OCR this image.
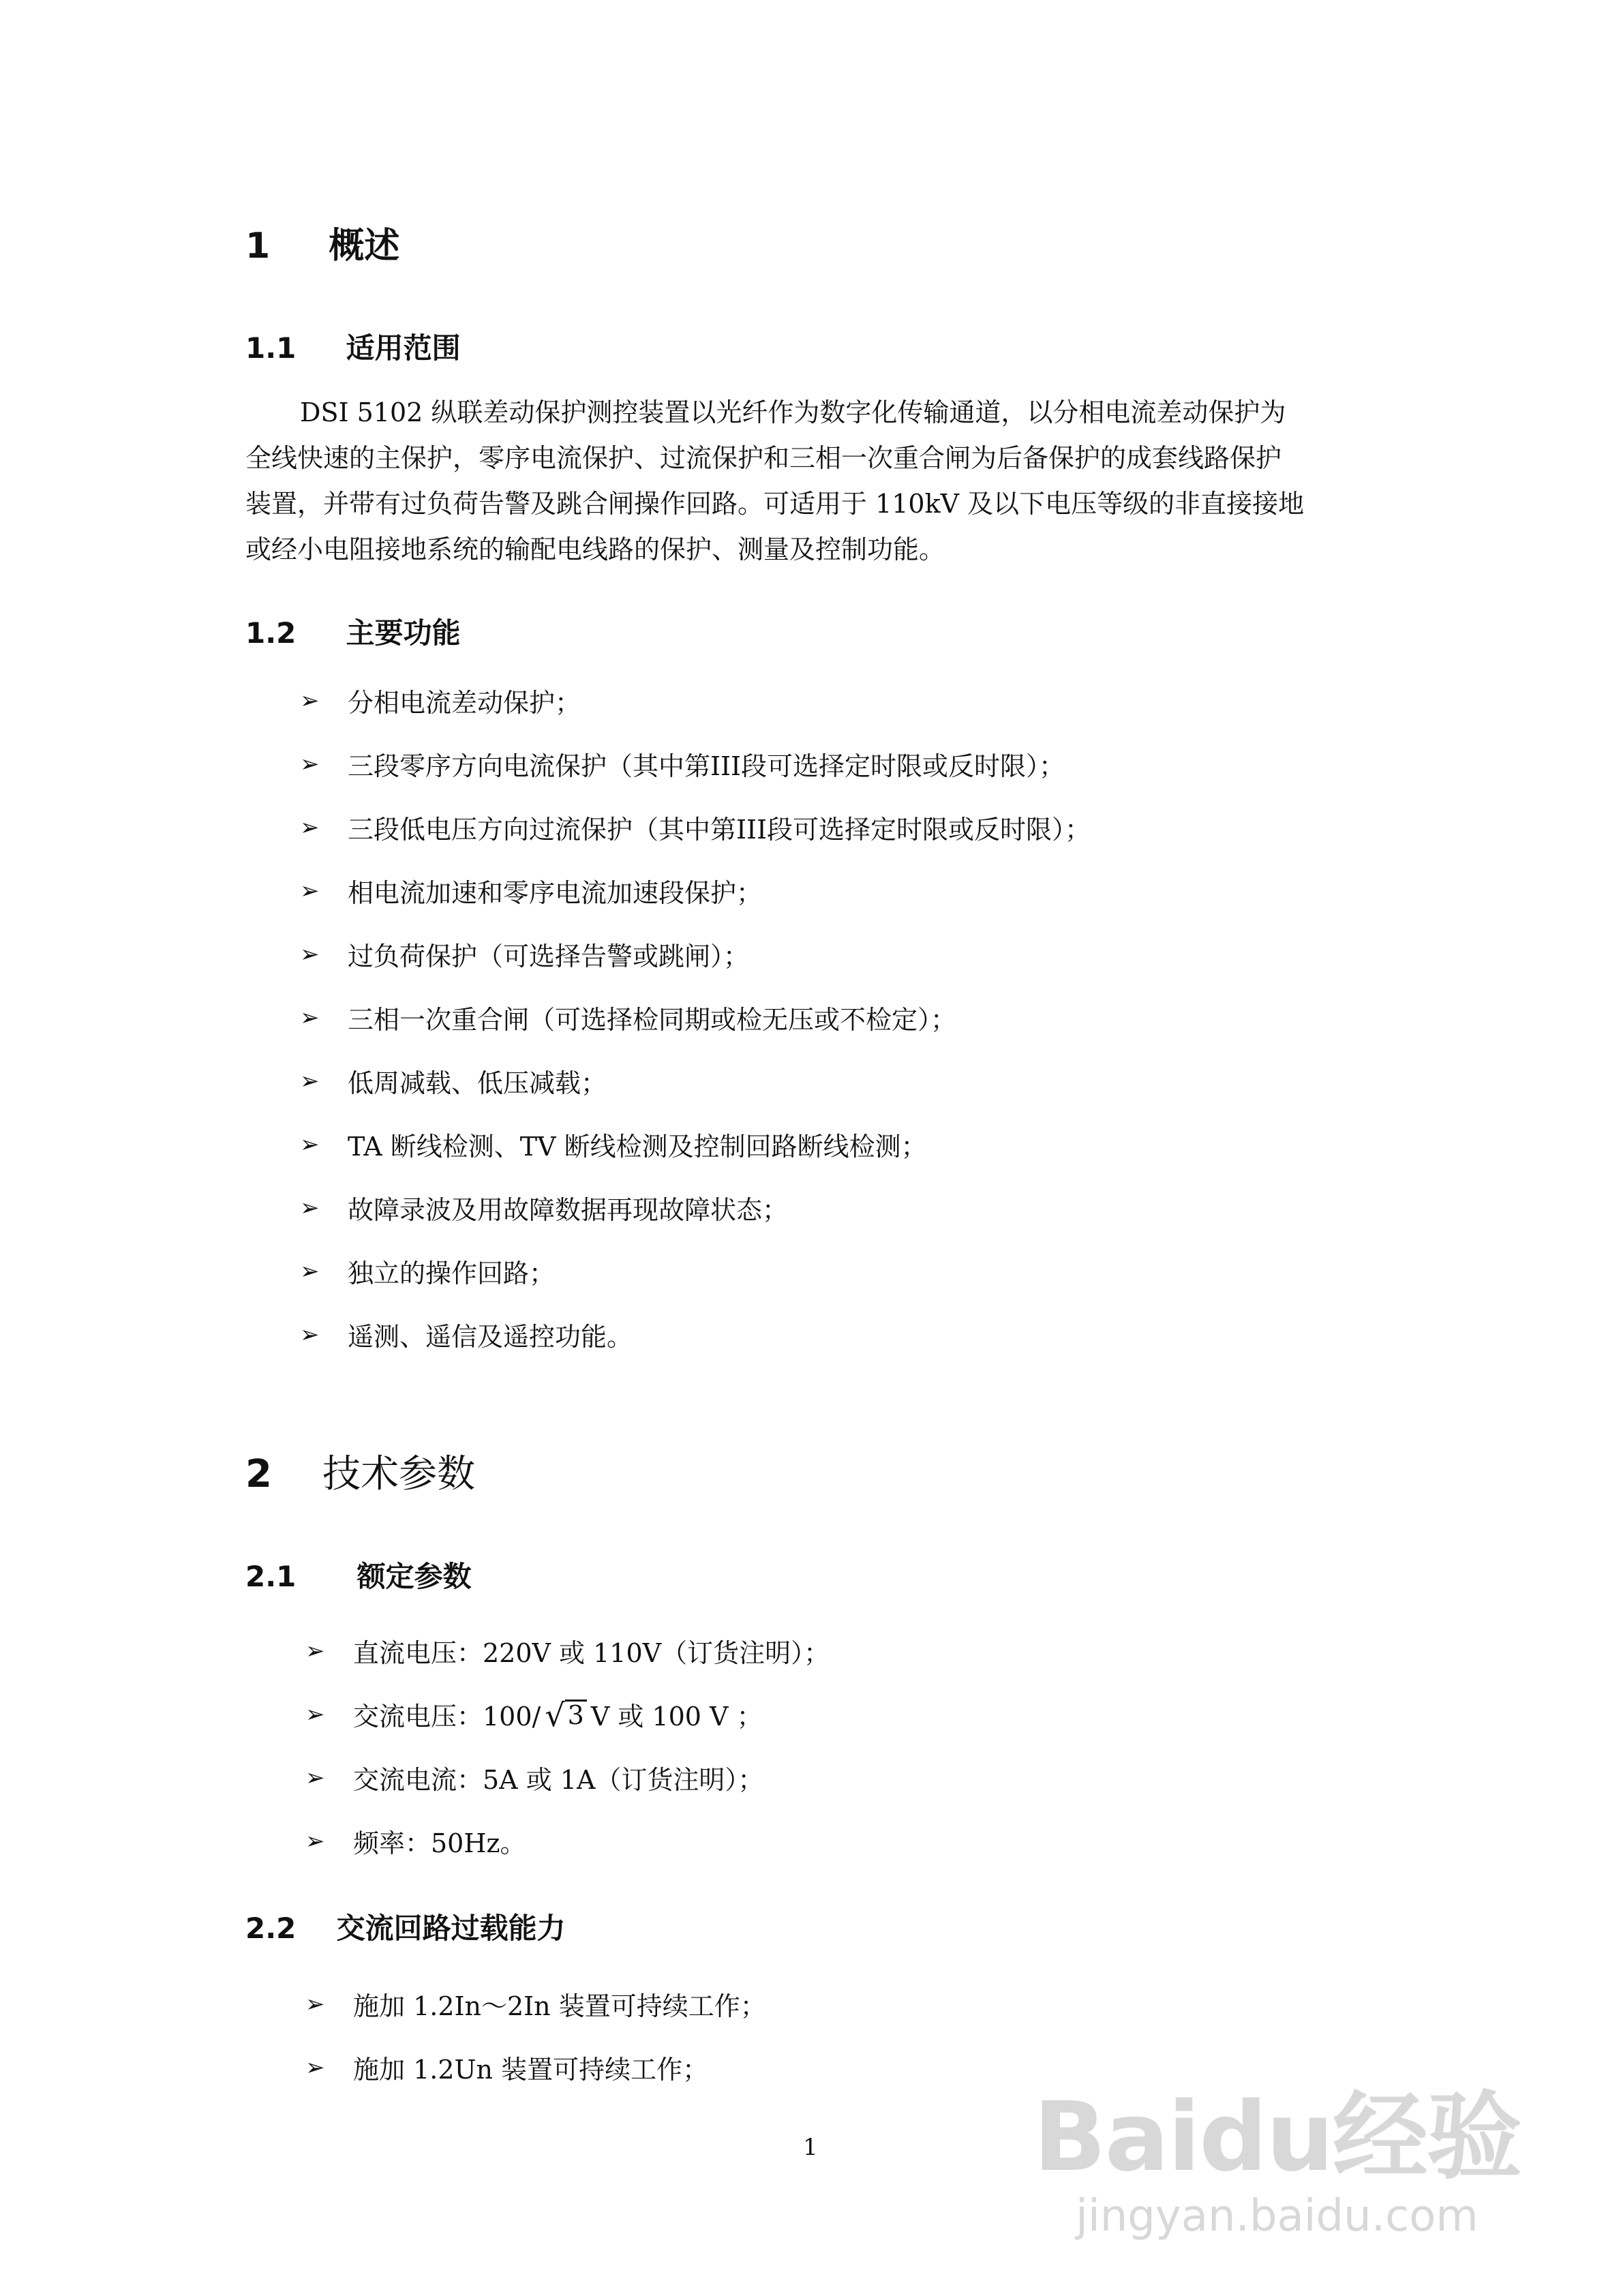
1 概述
1.1 适用范围
DSI 5102 纵联差动保护测控装置以光纤作为数字化传输通道，以分相电流差动保护为
全线快速的主保护，零序电流保护、过流保护和三相一次重合闸为后备保护的成套线路保护
装置，并带有过负荷告警及跳合闸操作回路。可适用于 110kV 及以下电压等级的非直接接地
或经小电阻接地系统的输配电线路的保护、测量及控制功能。
1.2 主要功能
➢	分相电流差动保护；
➢	三段零序方向电流保护（其中第III段可选择定时限或反时限）；
➢	三段低电压方向过流保护（其中第III段可选择定时限或反时限）；
➢	相电流加速和零序电流加速段保护；
➢	过负荷保护（可选择告警或跳闸）；
➢	三相一次重合闸（可选择检同期或检无压或不检定）；
➢	低周减载、低压减载；
➢	TA 断线检测、TV 断线检测及控制回路断线检测；
➢	故障录波及用故障数据再现故障状态；
➢	独立的操作回路；
➢	遥测、遥信及遥控功能。
2 技术参数
2.1 额定参数
➢	直流电压：220V 或 110V（订货注明）；
➢	交流电压：100/ √ 3 V 或 100 V ；
➢	交流电流：5A 或 1A（订货注明）；
➢	频率：50Hz。
2.2 交流回路过载能力
➢	施加 1.2In～2In 装置可持续工作；
➢	施加 1.2Un 装置可持续工作；
1 Baidu经验
jingyan.baidu.com
